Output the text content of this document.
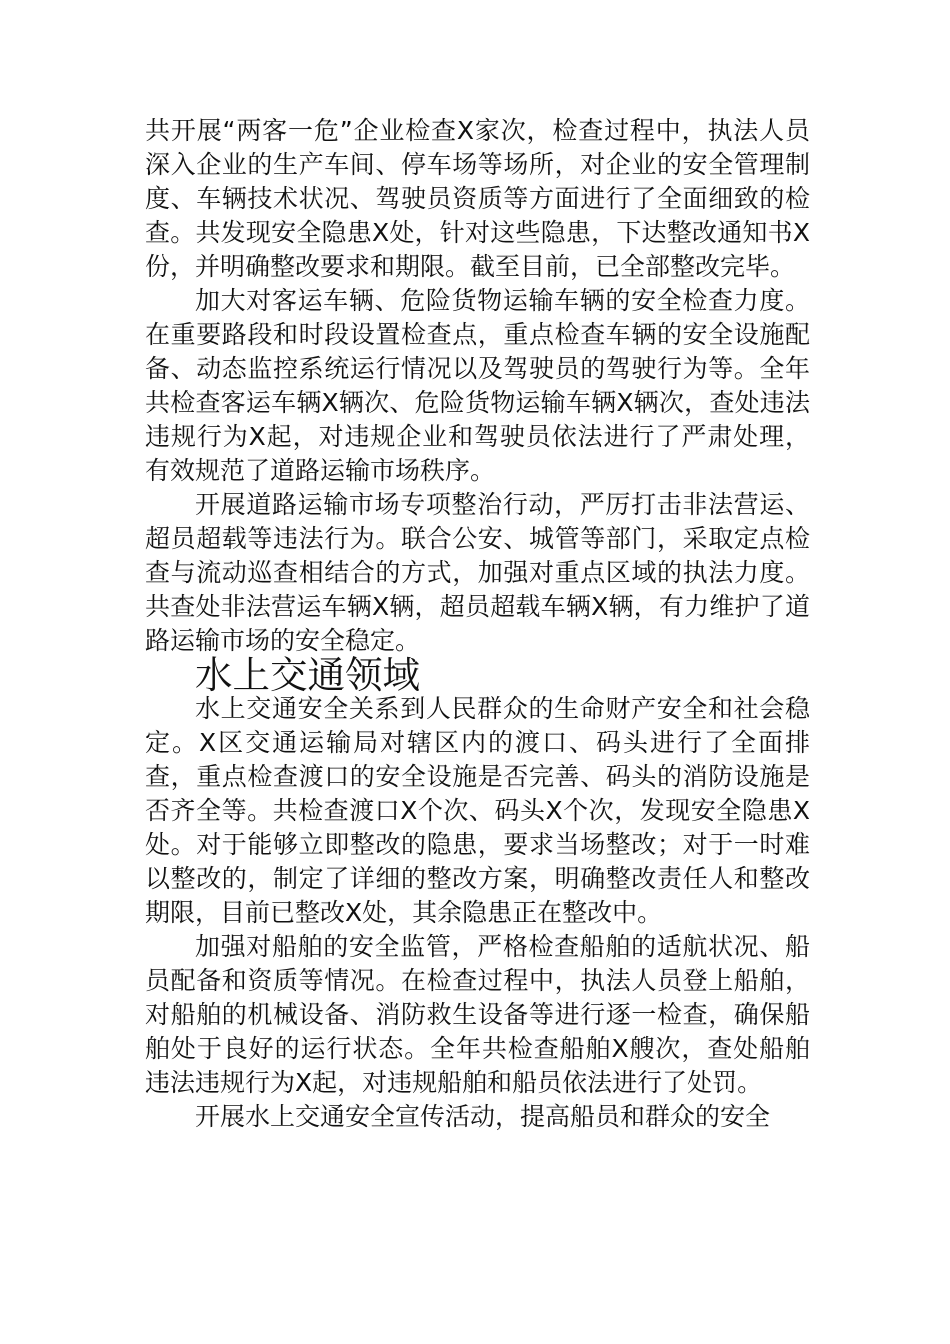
共开展“两客一危”企业检查X家次，检查过程中，执法人员深入企业的生产车间、停车场等场所，对企业的安全管理制度、车辆技术状况、驾驶员资质等方面进行了全面细致的检查。共发现安全隐患X处，针对这些隐患，下达整改通知书X份，并明确整改要求和期限。截至目前，已全部整改完毕。

加大对客运车辆、危险货物运输车辆的安全检查力度。在重要路段和时段设置检查点，重点检查车辆的安全设施配备、动态监控系统运行情况以及驾驶员的驾驶行为等。全年共检查客运车辆X辆次、危险货物运输车辆X辆次，查处违法违规行为X起，对违规企业和驾驶员依法进行了严肃处理，有效规范了道路运输市场秩序。

开展道路运输市场专项整治行动，严厉打击非法营运、超员超载等违法行为。联合公安、城管等部门，采取定点检查与流动巡查相结合的方式，加强对重点区域的执法力度。共查处非法营运车辆X辆，超员超载车辆X辆，有力维护了道路运输市场的安全稳定。

水上交通领域

水上交通安全关系到人民群众的生命财产安全和社会稳定。X区交通运输局对辖区内的渡口、码头进行了全面排查，重点检查渡口的安全设施是否完善、码头的消防设施是否齐全等。共检查渡口X个次、码头X个次，发现安全隐患X处。对于能够立即整改的隐患，要求当场整改；对于一时难以整改的，制定了详细的整改方案，明确整改责任人和整改期限，目前已整改X处，其余隐患正在整改中。

加强对船舶的安全监管，严格检查船舶的适航状况、船员配备和资质等情况。在检查过程中，执法人员登上船舶，对船舶的机械设备、消防救生设备等进行逐一检查，确保船舶处于良好的运行状态。全年共检查船舶X艘次，查处船舶违法违规行为X起，对违规船舶和船员依法进行了处罚。

开展水上交通安全宣传活动，提高船员和群众的安全
